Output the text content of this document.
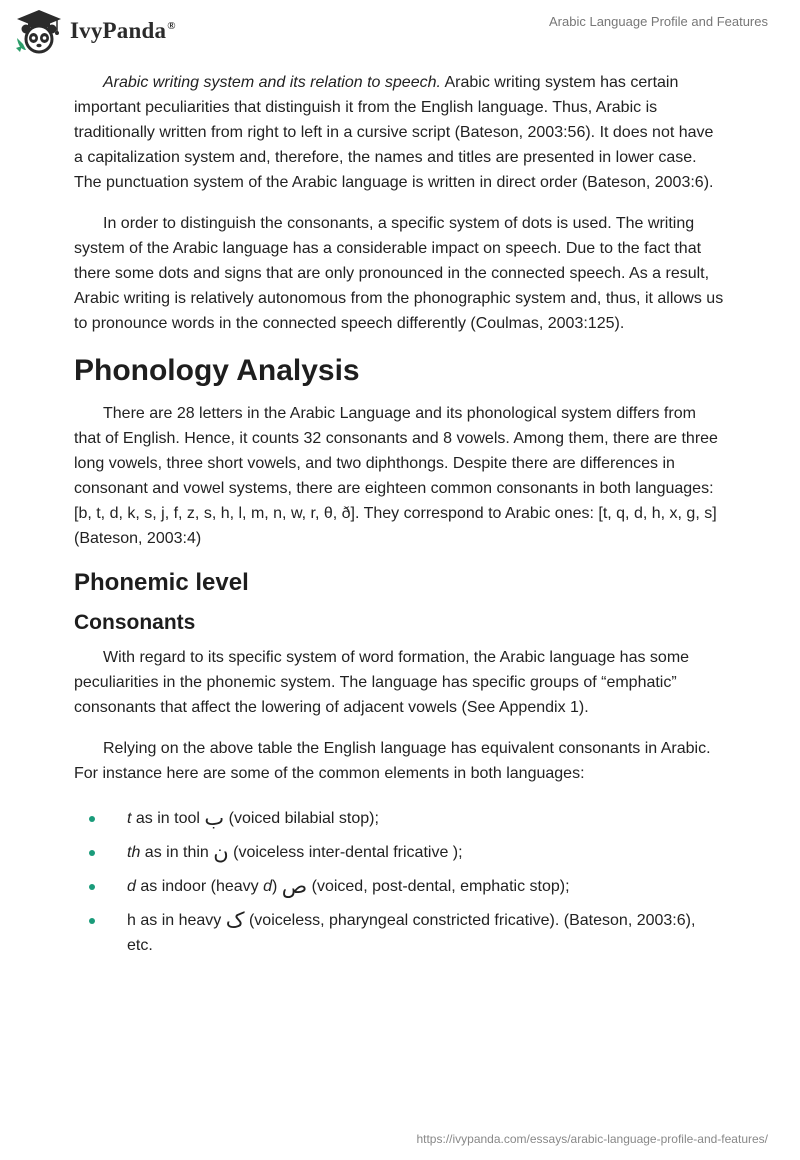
IvyPanda®	Arabic Language Profile and Features

Arabic writing system and its relation to speech. Arabic writing system has certain important peculiarities that distinguish it from the English language. Thus, Arabic is traditionally written from right to left in a cursive script (Bateson, 2003:56). It does not have a capitalization system and, therefore, the names and titles are presented in lower case. The punctuation system of the Arabic language is written in direct order (Bateson, 2003:6).

In order to distinguish the consonants, a specific system of dots is used. The writing system of the Arabic language has a considerable impact on speech. Due to the fact that there some dots and signs that are only pronounced in the connected speech. As a result, Arabic writing is relatively autonomous from the phonographic system and, thus, it allows us to pronounce words in the connected speech differently (Coulmas, 2003:125).

Phonology Analysis

There are 28 letters in the Arabic Language and its phonological system differs from that of English. Hence, it counts 32 consonants and 8 vowels. Among them, there are three long vowels, three short vowels, and two diphthongs. Despite there are differences in consonant and vowel systems, there are eighteen common consonants in both languages: [b, t, d, k, s, j, f, z, s, h, l, m, n, w, r, θ, ð]. They correspond to Arabic ones: [t, q, d, h, x, g, s] (Bateson, 2003:4)

Phonemic level
Consonants

With regard to its specific system of word formation, the Arabic language has some peculiarities in the phonemic system. The language has specific groups of “emphatic” consonants that affect the lowering of adjacent vowels (See Appendix 1).

Relying on the above table the English language has equivalent consonants in Arabic. For instance here are some of the common elements in both languages:

t as in tool ب (voiced bilabial stop);
th as in thin ن (voiceless inter-dental fricative );
d as indoor (heavy d) ص (voiced, post-dental, emphatic stop);
h as in heavy ک (voiceless, pharyngeal constricted fricative). (Bateson, 2003:6), etc.
https://ivypanda.com/essays/arabic-language-profile-and-features/
